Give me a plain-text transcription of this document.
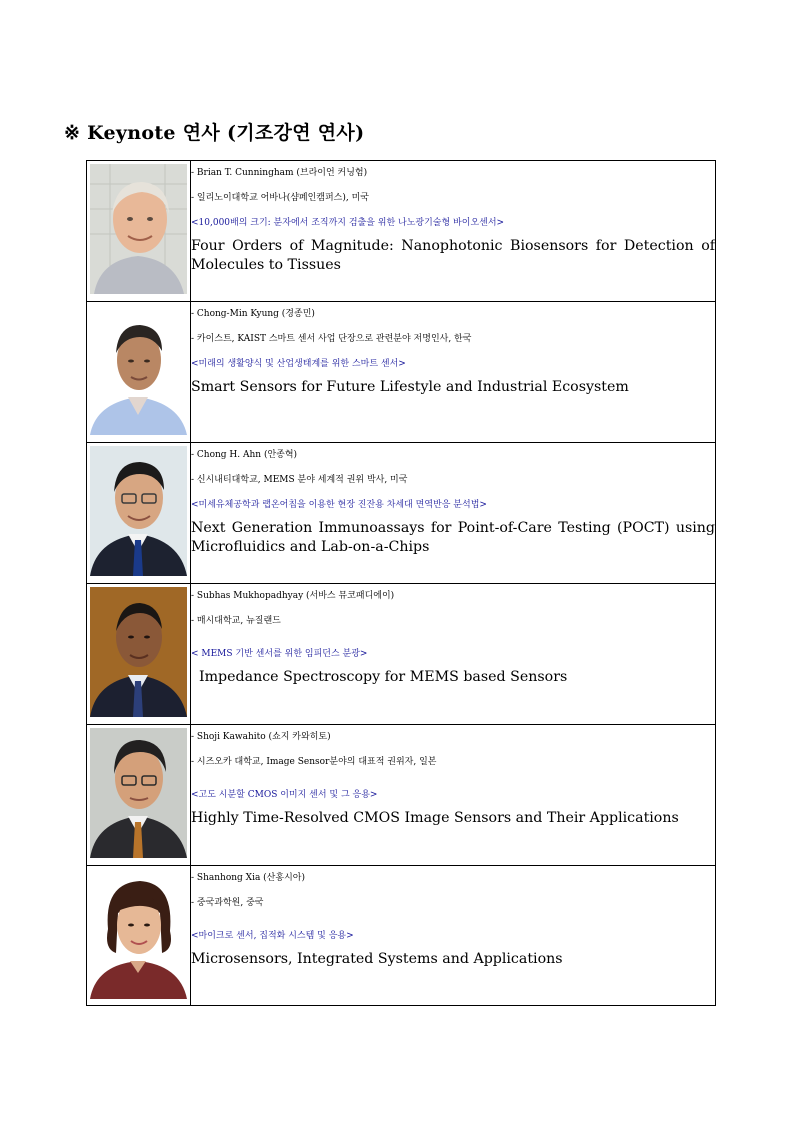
※ Keynote 연사 (기조강연 연사)

- Brian T. Cunningham (브라이언 커닝험)
- 일리노이대학교 어바나(샴페인캠퍼스), 미국
<10,000배의 크기: 분자에서 조직까지 검출을 위한 나노광기술형 바이오센서>
Four Orders of Magnitude: Nanophotonic Biosensors for Detection of Molecules to Tissues

- Chong-Min Kyung (경종민)
- 카이스트, KAIST 스마트 센서 사업 단장으로 관련분야 저명인사, 한국
<미래의 생활양식 및 산업생태계를 위한 스마트 센서>
Smart Sensors for Future Lifestyle and Industrial Ecosystem

- Chong H. Ahn (안종혁)
- 신시내티대학교, MEMS 분야 세계적 권위 박사, 미국
<미세유체공학과 랩온어칩을 이용한 현장 진잔용 차세대 면역반응 분석법>
Next Generation Immunoassays for Point-of-Care Testing (POCT) using Microfluidics and Lab-on-a-Chips

- Subhas Mukhopadhyay (서바스 뮤코패디에이)
- 매시대학교, 뉴질랜드
< MEMS 기반 센서를 위한 임피던스 분광>
Impedance Spectroscopy for MEMS based Sensors

- Shoji Kawahito (쇼지 카와히토)
- 시즈오카 대학교, Image Sensor분야의 대표적 권위자, 일본
<고도 시분할 CMOS 이미지 센서 및 그 응용>
Highly Time-Resolved CMOS Image Sensors and Their Applications

- Shanhong Xia (산홍시아)
- 중국과학원, 중국
<마이크로 센서, 집적화 시스템 및 응용>
Microsensors, Integrated Systems and Applications
